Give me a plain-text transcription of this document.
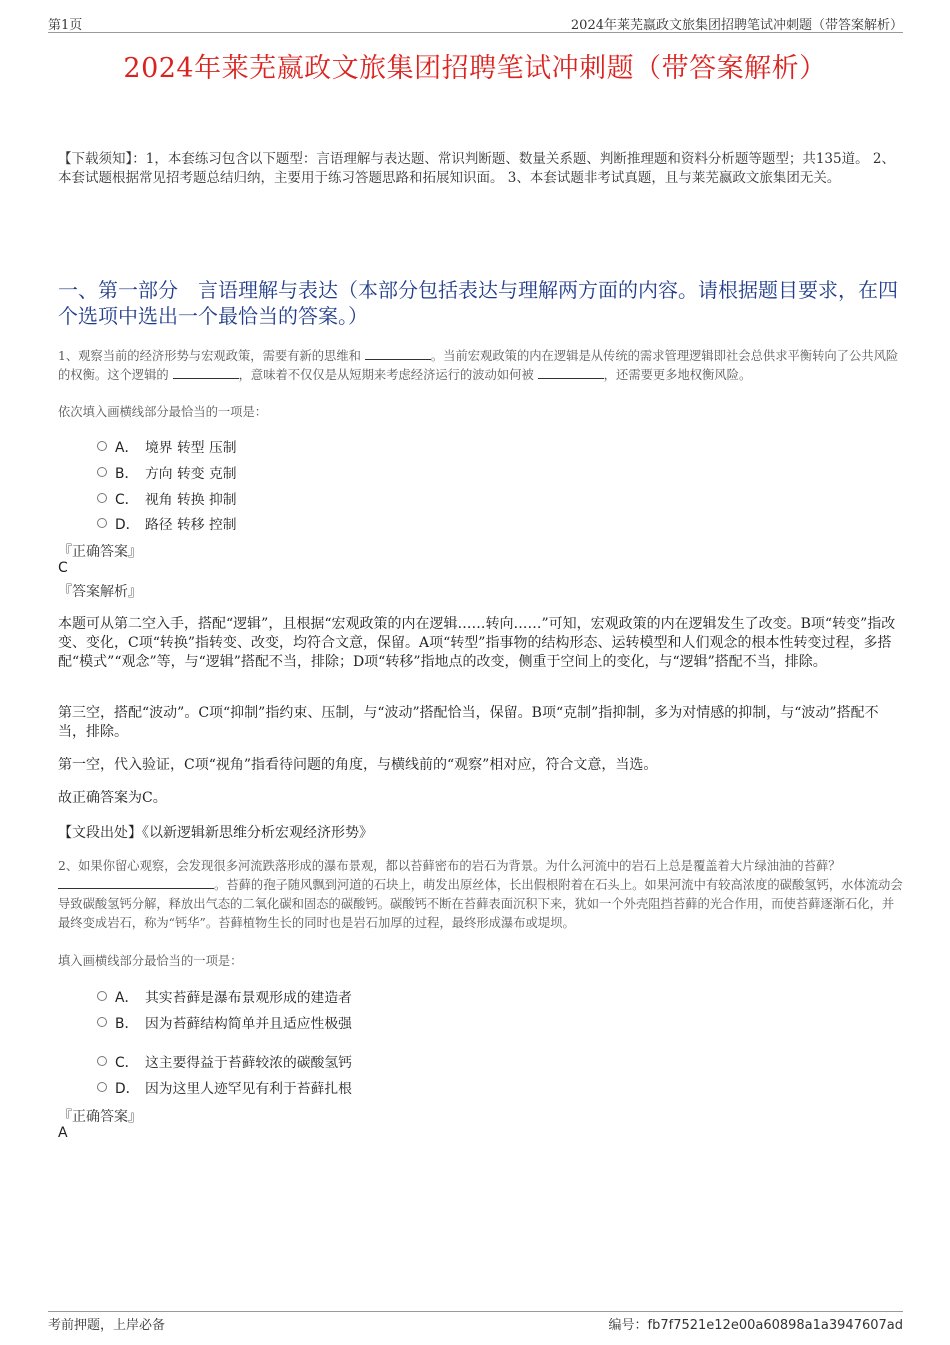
第1页	2024年莱芜嬴政文旅集团招聘笔试冲刺题（带答案解析）
2024年莱芜嬴政文旅集团招聘笔试冲刺题（带答案解析）
【下载须知】：1，本套练习包含以下题型：言语理解与表达题、常识判断题、数量关系题、判断推理题和资料分析题等题型；共135道。 2、本套试题根据常见招考题总结归纳，主要用于练习答题思路和拓展知识面。 3、本套试题非考试真题，且与莱芜嬴政文旅集团无关。
一、第一部分　言语理解与表达（本部分包括表达与理解两方面的内容。请根据题目要求，在四个选项中选出一个最恰当的答案。）
1、观察当前的经济形势与宏观政策，需要有新的思维和	。当前宏观政策的内在逻辑是从传统的需求管理逻辑即社会总供求平衡转向了公共风险的权衡。这个逻辑的	，意味着不仅仅是从短期来考虑经济运行的波动如何被	，还需要更多地权衡风险。
依次填入画横线部分最恰当的一项是：
A． 境界 转型 压制
B． 方向 转变 克制
C． 视角 转换 抑制
D． 路径 转移 控制
『正确答案』
C
『答案解析』
本题可从第二空入手，搭配“逻辑”，且根据“宏观政策的内在逻辑……转向……”可知，宏观政策的内在逻辑发生了改变。B项“转变”指改变、变化，C项“转换”指转变、改变，均符合文意，保留。A项“转型”指事物的结构形态、运转模型和人们观念的根本性转变过程，多搭配“模式”“观念”等，与“逻辑”搭配不当，排除；D项“转移”指地点的改变，侧重于空间上的变化，与“逻辑”搭配不当，排除。
第三空，搭配“波动”。C项“抑制”指约束、压制，与“波动”搭配恰当，保留。B项“克制”指抑制，多为对情感的抑制，与“波动”搭配不当，排除。
第一空，代入验证，C项“视角”指看待问题的角度，与横线前的“观察”相对应，符合文意，当选。
故正确答案为C。
【文段出处】《以新逻辑新思维分析宏观经济形势》
2、如果你留心观察，会发现很多河流跌落形成的瀑布景观，都以苔藓密布的岩石为背景。为什么河流中的岩石上总是覆盖着大片绿油油的苔藓？ 。苔藓的孢子随风飘到河道的石块上，萌发出原丝体，长出假根附着在石头上。如果河流中有较高浓度的碳酸氢钙，水体流动会导致碳酸氢钙分解，释放出气态的二氧化碳和固态的碳酸钙。碳酸钙不断在苔藓表面沉积下来，犹如一个外壳阻挡苔藓的光合作用，而使苔藓逐渐石化，并最终变成岩石，称为“钙华”。苔藓植物生长的同时也是岩石加厚的过程，最终形成瀑布或堤坝。
填入画横线部分最恰当的一项是：
A． 其实苔藓是瀑布景观形成的建造者
B． 因为苔藓结构简单并且适应性极强
C． 这主要得益于苔藓较浓的碳酸氢钙
D． 因为这里人迹罕见有利于苔藓扎根
『正确答案』
A
考前押题，上岸必备	编号：fb7f7521e12e00a60898a1a3947607ad
